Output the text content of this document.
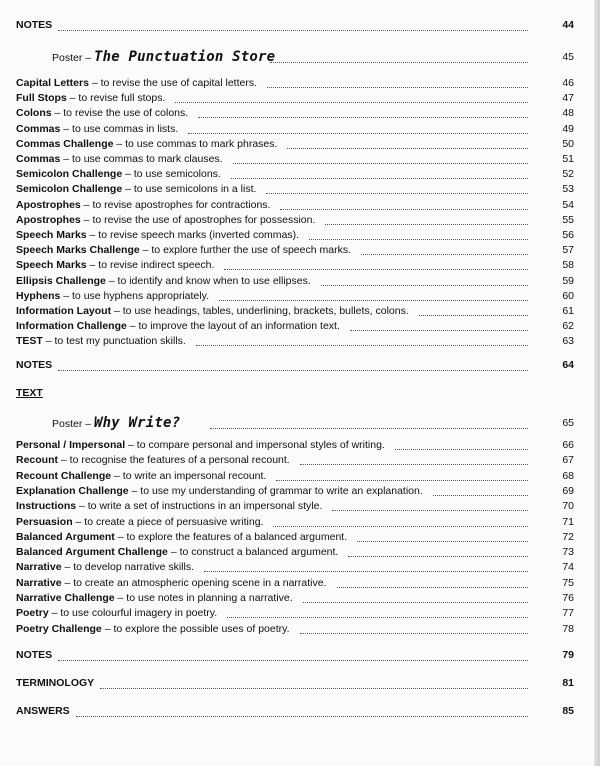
NOTES	44
Poster – The Punctuation Store	45
Capital Letters – to revise the use of capital letters.	46
Full Stops – to revise full stops.	47
Colons – to revise the use of colons.	48
Commas – to use commas in lists.	49
Commas Challenge – to use commas to mark phrases.	50
Commas – to use commas to mark clauses.	51
Semicolon Challenge – to use semicolons.	52
Semicolon Challenge – to use semicolons in a list.	53
Apostrophes – to revise apostrophes for contractions.	54
Apostrophes – to revise the use of apostrophes for possession.	55
Speech Marks – to revise speech marks (inverted commas).	56
Speech Marks Challenge – to explore further the use of speech marks.	57
Speech Marks – to revise indirect speech.	58
Ellipsis Challenge – to identify and know when to use ellipses.	59
Hyphens – to use hyphens appropriately.	60
Information Layout – to use headings, tables, underlining, brackets, bullets, colons.	61
Information Challenge – to improve the layout of an information text.	62
TEST – to test my punctuation skills.	63
NOTES	64
TEXT
Poster – Why Write?	65
Personal / Impersonal – to compare personal and impersonal styles of writing.	66
Recount – to recognise the features of a personal recount.	67
Recount Challenge – to write an impersonal recount.	68
Explanation Challenge – to use my understanding of grammar to write an explanation.	69
Instructions – to write a set of instructions in an impersonal style.	70
Persuasion – to create a piece of persuasive writing.	71
Balanced Argument – to explore the features of a balanced argument.	72
Balanced Argument Challenge – to construct a balanced argument.	73
Narrative – to develop narrative skills.	74
Narrative – to create an atmospheric opening scene in a narrative.	75
Narrative Challenge – to use notes in planning a narrative.	76
Poetry – to use colourful imagery in poetry.	77
Poetry Challenge – to explore the possible uses of poetry.	78
NOTES	79
TERMINOLOGY	81
ANSWERS	85
